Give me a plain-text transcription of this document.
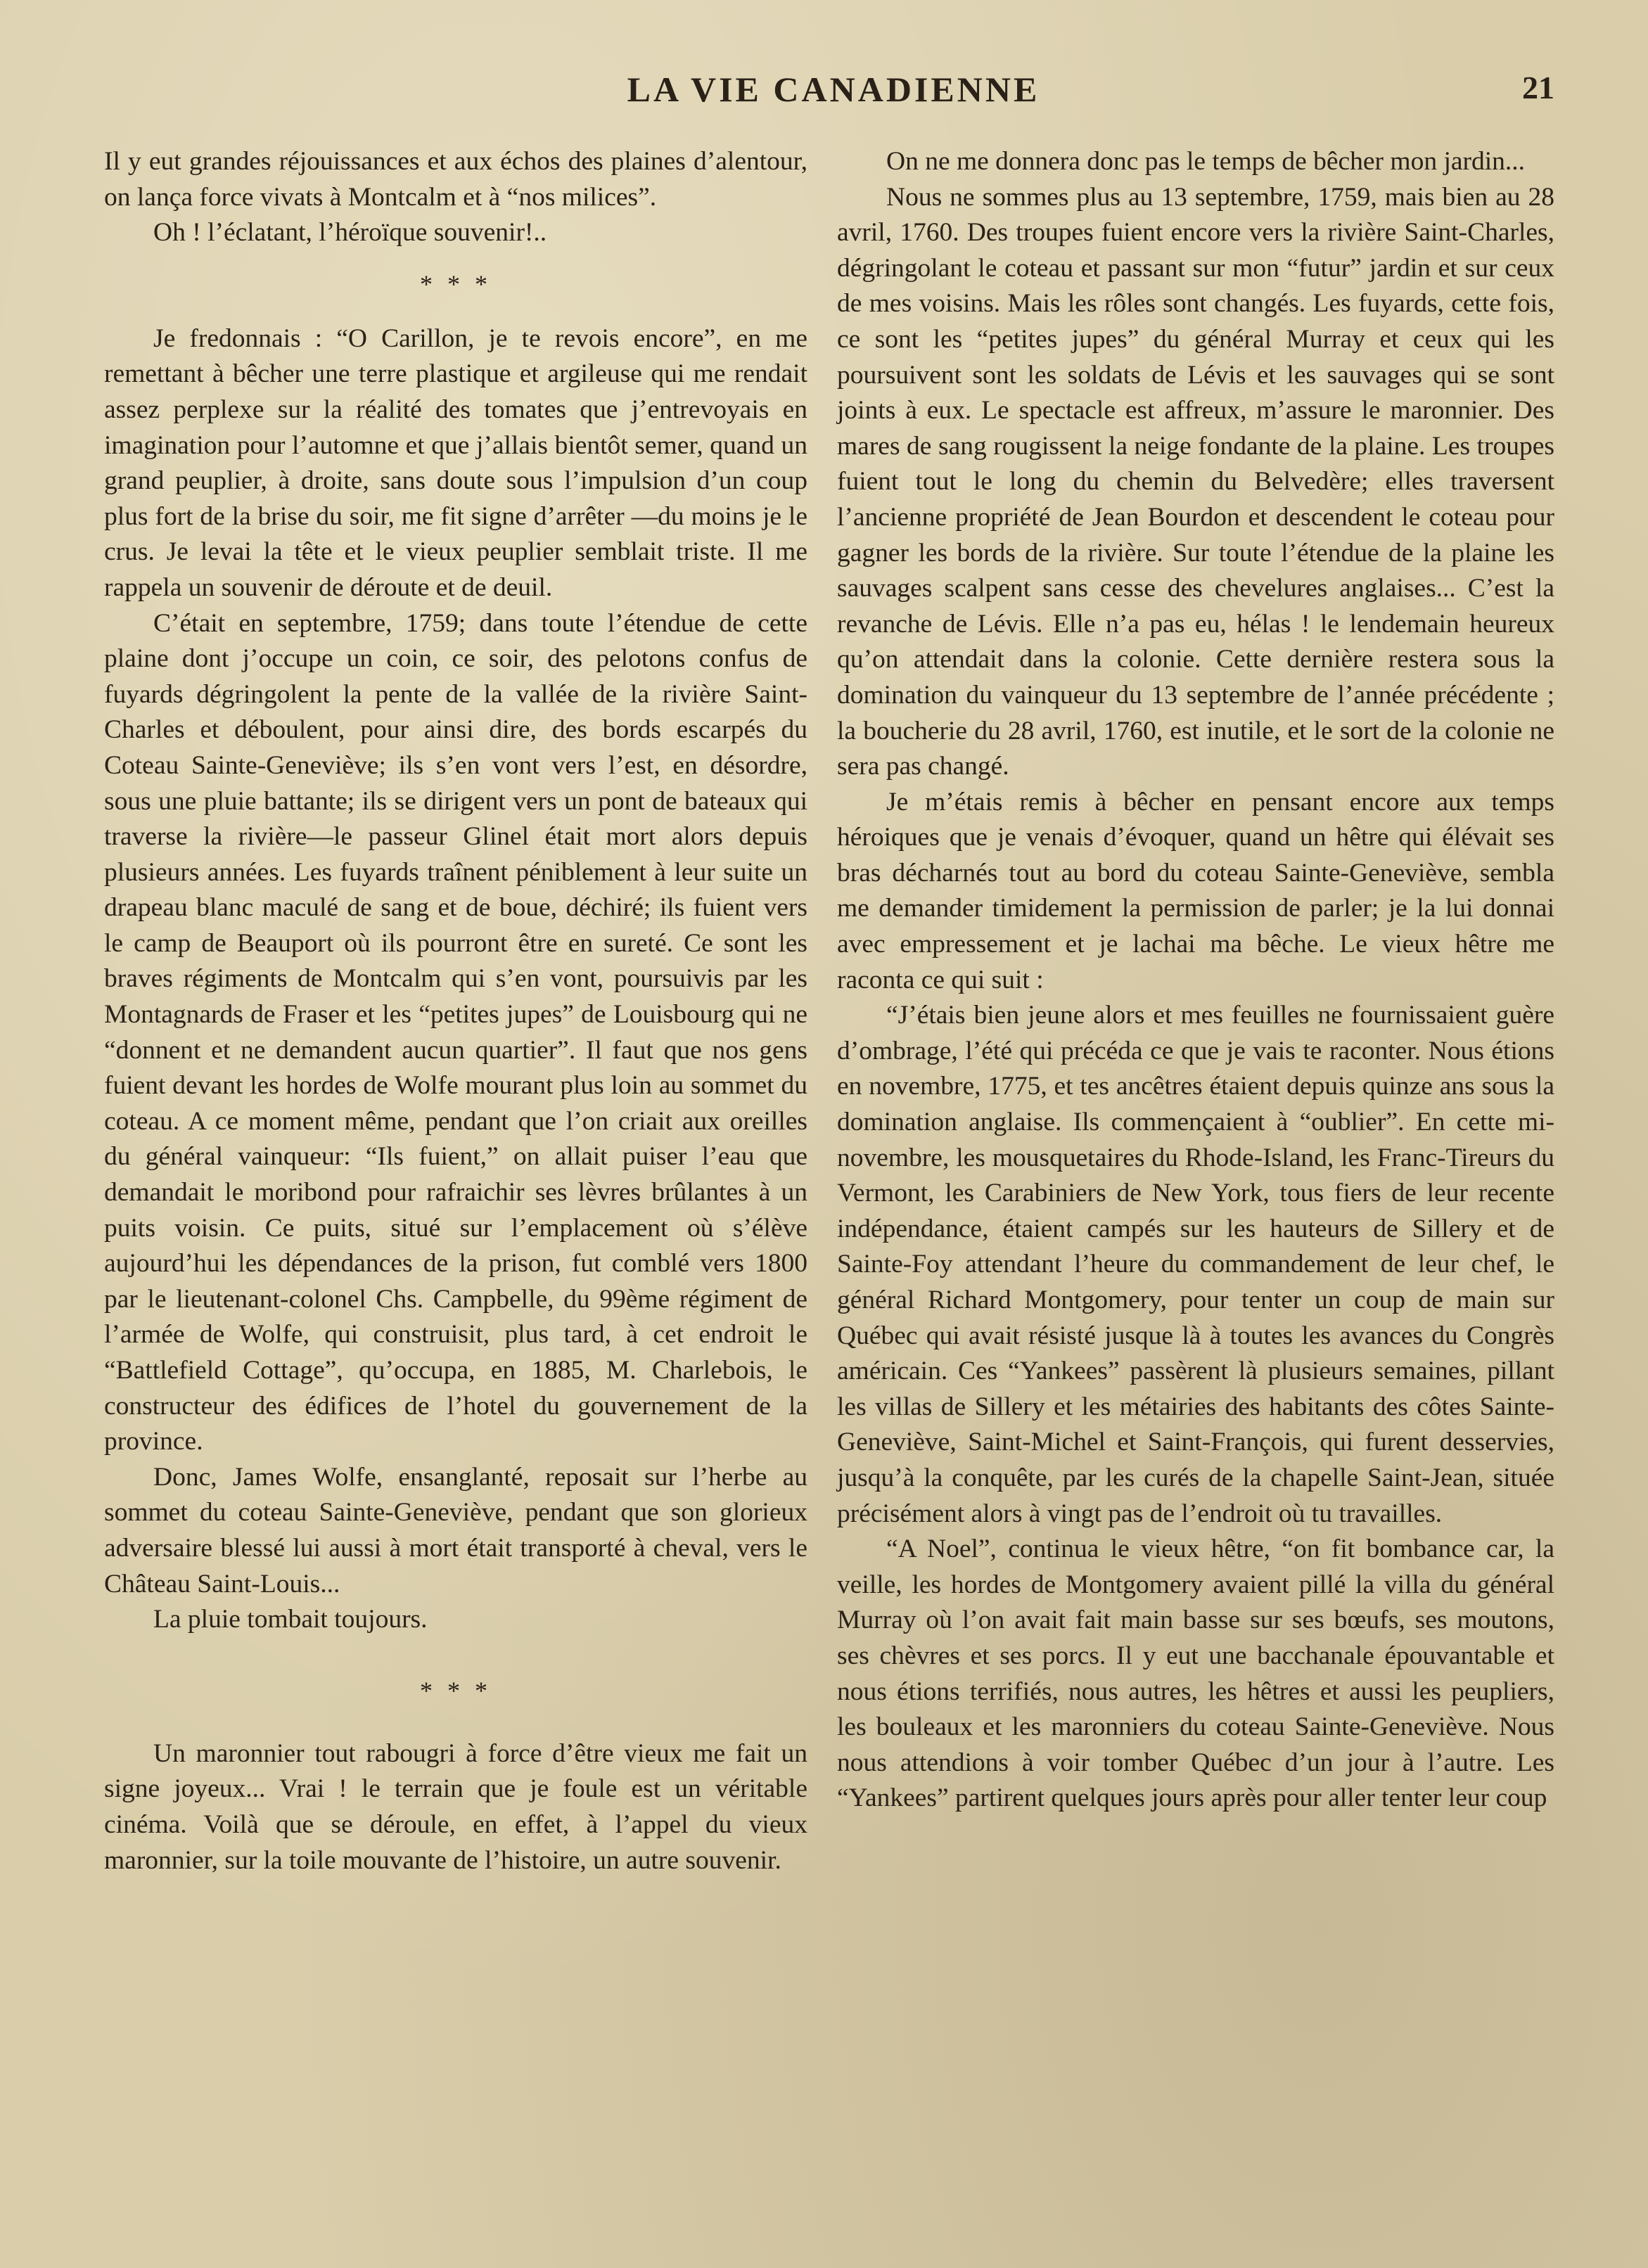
LA VIE CANADIENNE	21

Il y eut grandes réjouissances et aux échos des plaines d’alentour, on lança force vivats à Montcalm et à “nos milices”.

Oh ! l’éclatant, l’héroïque souvenir!..

* * *

Je fredonnais : “O Carillon, je te revois encore”, en me remettant à bêcher une terre plastique et argileuse qui me rendait assez perplexe sur la réalité des tomates que j’entrevoyais en imagination pour l’automne et que j’allais bientôt semer, quand un grand peuplier, à droite, sans doute sous l’impulsion d’un coup plus fort de la brise du soir, me fit signe d’arrêter —du moins je le crus. Je levai la tête et le vieux peuplier semblait triste. Il me rappela un souvenir de déroute et de deuil.

C’était en septembre, 1759; dans toute l’étendue de cette plaine dont j’occupe un coin, ce soir, des pelotons confus de fuyards dégringolent la pente de la vallée de la rivière Saint-Charles et déboulent, pour ainsi dire, des bords escarpés du Coteau Sainte-Geneviève; ils s’en vont vers l’est, en désordre, sous une pluie battante; ils se dirigent vers un pont de bateaux qui traverse la rivière—le passeur Glinel était mort alors depuis plusieurs années. Les fuyards traînent péniblement à leur suite un drapeau blanc maculé de sang et de boue, déchiré; ils fuient vers le camp de Beauport où ils pourront être en sureté. Ce sont les braves régiments de Montcalm qui s’en vont, poursuivis par les Montagnards de Fraser et les “petites jupes” de Louisbourg qui ne “donnent et ne demandent aucun quartier”. Il faut que nos gens fuient devant les hordes de Wolfe mourant plus loin au sommet du coteau. A ce moment même, pendant que l’on criait aux oreilles du général vainqueur: “Ils fuient,” on allait puiser l’eau que demandait le moribond pour rafraichir ses lèvres brûlantes à un puits voisin. Ce puits, situé sur l’emplacement où s’élève aujourd’hui les dépendances de la prison, fut comblé vers 1800 par le lieutenant-colonel Chs. Campbelle, du 99ème régiment de l’armée de Wolfe, qui construisit, plus tard, à cet endroit le “Battlefield Cottage”, qu’occupa, en 1885, M. Charlebois, le constructeur des édifices de l’hotel du gouvernement de la province.

Donc, James Wolfe, ensanglanté, reposait sur l’herbe au sommet du coteau Sainte-Geneviève, pendant que son glorieux adversaire blessé lui aussi à mort était transporté à cheval, vers le Château Saint-Louis...

La pluie tombait toujours.

* * *

Un maronnier tout rabougri à force d’être vieux me fait un signe joyeux... Vrai ! le terrain que je foule est un véritable cinéma. Voilà que se déroule, en effet, à l’appel du vieux maronnier, sur la toile mouvante de l’histoire, un autre souvenir.

On ne me donnera donc pas le temps de bêcher mon jardin...

Nous ne sommes plus au 13 septembre, 1759, mais bien au 28 avril, 1760. Des troupes fuient encore vers la rivière Saint-Charles, dégringolant le coteau et passant sur mon “futur” jardin et sur ceux de mes voisins. Mais les rôles sont changés. Les fuyards, cette fois, ce sont les “petites jupes” du général Murray et ceux qui les poursuivent sont les soldats de Lévis et les sauvages qui se sont joints à eux. Le spectacle est affreux, m’assure le maronnier. Des mares de sang rougissent la neige fondante de la plaine. Les troupes fuient tout le long du chemin du Belvedère; elles traversent l’ancienne propriété de Jean Bourdon et descendent le coteau pour gagner les bords de la rivière. Sur toute l’étendue de la plaine les sauvages scalpent sans cesse des chevelures anglaises... C’est la revanche de Lévis. Elle n’a pas eu, hélas ! le lendemain heureux qu’on attendait dans la colonie. Cette dernière restera sous la domination du vainqueur du 13 septembre de l’année précédente ; la boucherie du 28 avril, 1760, est inutile, et le sort de la colonie ne sera pas changé.

Je m’étais remis à bêcher en pensant encore aux temps héroiques que je venais d’évoquer, quand un hêtre qui élévait ses bras décharnés tout au bord du coteau Sainte-Geneviève, sembla me demander timidement la permission de parler; je la lui donnai avec empressement et je lachai ma bêche. Le vieux hêtre me raconta ce qui suit :

“J’étais bien jeune alors et mes feuilles ne fournissaient guère d’ombrage, l’été qui précéda ce que je vais te raconter. Nous étions en novembre, 1775, et tes ancêtres étaient depuis quinze ans sous la domination anglaise. Ils commençaient à “oublier”. En cette mi-novembre, les mousquetaires du Rhode-Island, les Franc-Tireurs du Vermont, les Carabiniers de New York, tous fiers de leur recente indépendance, étaient campés sur les hauteurs de Sillery et de Sainte-Foy attendant l’heure du commandement de leur chef, le général Richard Montgomery, pour tenter un coup de main sur Québec qui avait résisté jusque là à toutes les avances du Congrès américain. Ces “Yankees” passèrent là plusieurs semaines, pillant les villas de Sillery et les métairies des habitants des côtes Sainte-Geneviève, Saint-Michel et Saint-François, qui furent desservies, jusqu’à la conquête, par les curés de la chapelle Saint-Jean, située précisément alors à vingt pas de l’endroit où tu travailles.

“A Noel”, continua le vieux hêtre, “on fit bombance car, la veille, les hordes de Montgomery avaient pillé la villa du général Murray où l’on avait fait main basse sur ses bœufs, ses moutons, ses chèvres et ses porcs. Il y eut une bacchanale épouvantable et nous étions terrifiés, nous autres, les hêtres et aussi les peupliers, les bouleaux et les maronniers du coteau Sainte-Geneviève. Nous nous attendions à voir tomber Québec d’un jour à l’autre. Les “Yankees” partirent quelques jours après pour aller tenter leur coup
